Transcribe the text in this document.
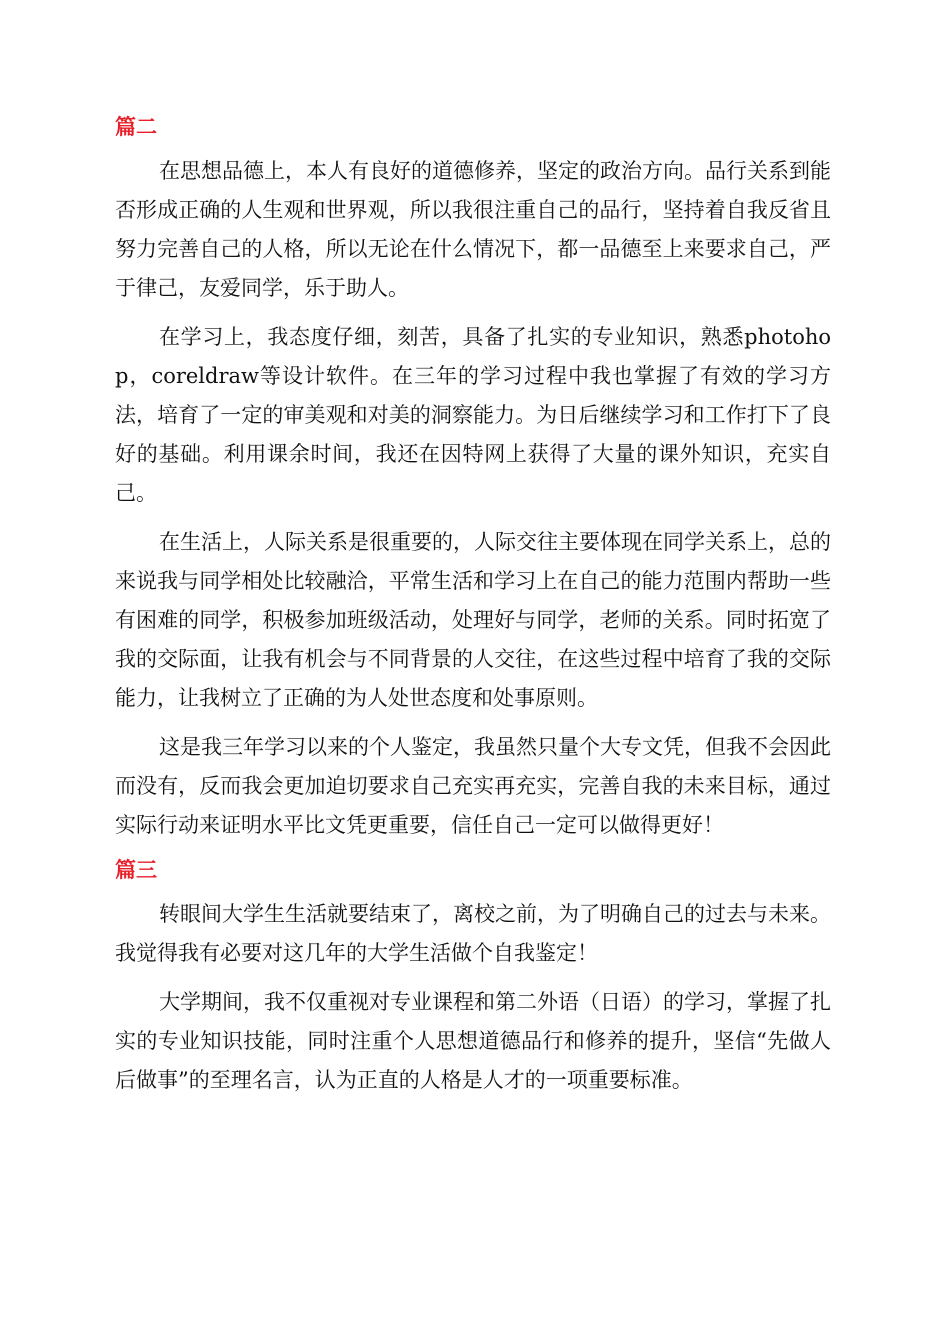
篇二

在思想品德上，本人有良好的道德修养，坚定的政治方向。品行关系到能否形成正确的人生观和世界观，所以我很注重自己的品行，坚持着自我反省且努力完善自己的人格，所以无论在什么情况下，都一品德至上来要求自己，严于律己，友爱同学，乐于助人。

在学习上，我态度仔细，刻苦，具备了扎实的专业知识，熟悉photohop，coreldraw等设计软件。在三年的学习过程中我也掌握了有效的学习方法，培育了一定的审美观和对美的洞察能力。为日后继续学习和工作打下了良好的基础。利用课余时间，我还在因特网上获得了大量的课外知识，充实自己。

在生活上，人际关系是很重要的，人际交往主要体现在同学关系上，总的来说我与同学相处比较融洽，平常生活和学习上在自己的能力范围内帮助一些有困难的同学，积极参加班级活动，处理好与同学，老师的关系。同时拓宽了我的交际面，让我有机会与不同背景的人交往，在这些过程中培育了我的交际能力，让我树立了正确的为人处世态度和处事原则。

这是我三年学习以来的个人鉴定，我虽然只量个大专文凭，但我不会因此而没有，反而我会更加迫切要求自己充实再充实，完善自我的未来目标，通过实际行动来证明水平比文凭更重要，信任自己一定可以做得更好！

篇三

转眼间大学生生活就要结束了，离校之前，为了明确自己的过去与未来。我觉得我有必要对这几年的大学生活做个自我鉴定！

大学期间，我不仅重视对专业课程和第二外语（日语）的学习，掌握了扎实的专业知识技能，同时注重个人思想道德品行和修养的提升，坚信“先做人后做事”的至理名言，认为正直的人格是人才的一项重要标准。
